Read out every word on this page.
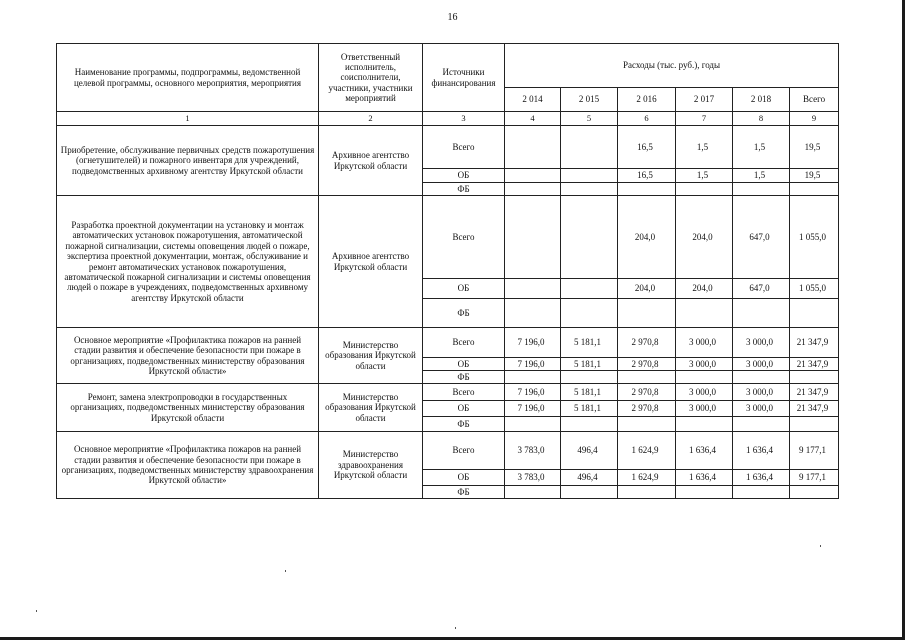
16
Наименование программы, подпрограммы, ведомственной целевой программы, основного мероприятия, мероприятия	Ответственный исполнитель, соисполнители, участники, участники мероприятий	Источники финансирования	Расходы (тыс. руб.), годы					
			2 014	2 015	2 016	2 017	2 018	Всего
1	2	3	4	5	6	7	8	9
Приобретение, обслуживание первичных средств пожаротушения (огнетушителей) и пожарного инвентаря для учреждений, подведомственных архивному агентству Иркутской области	Архивное агентство Иркутской области	Всего			16,5	1,5	1,5	19,5
		ОБ			16,5	1,5	1,5	19,5
		ФБ						
Разработка проектной документации на установку и монтаж автоматических установок пожаротушения, автоматической пожарной сигнализации, системы оповещения людей о пожаре, экспертиза проектной документации, монтаж, обслуживание и ремонт автоматических установок пожаротушения, автоматической пожарной сигнализации и системы оповещения людей о пожаре в учреждениях, подведомственных архивному агентству Иркутской области	Архивное агентство Иркутской области	Всего			204,0	204,0	647,0	1 055,0
		ОБ			204,0	204,0	647,0	1 055,0
		ФБ						
Основное мероприятие «Профилактика пожаров на ранней стадии развития и обеспечение безопасности при пожаре в организациях, подведомственных министерству образования Иркутской области»	Министерство образования Иркутской области	Всего	7 196,0	5 181,1	2 970,8	3 000,0	3 000,0	21 347,9
		ОБ	7 196,0	5 181,1	2 970,8	3 000,0	3 000,0	21 347,9
		ФБ						
Ремонт, замена электропроводки в государственных организациях, подведомственных министерству образования Иркутской области	Министерство образования Иркутской области	Всего	7 196,0	5 181,1	2 970,8	3 000,0	3 000,0	21 347,9
		ОБ	7 196,0	5 181,1	2 970,8	3 000,0	3 000,0	21 347,9
		ФБ						
Основное мероприятие «Профилактика пожаров на ранней стадии развития и обеспечение безопасности при пожаре в организациях, подведомственных министерству здравоохранения Иркутской области»	Министерство здравоохранения Иркутской области	Всего	3 783,0	496,4	1 624,9	1 636,4	1 636,4	9 177,1
		ОБ	3 783,0	496,4	1 624,9	1 636,4	1 636,4	9 177,1
		ФБ						
